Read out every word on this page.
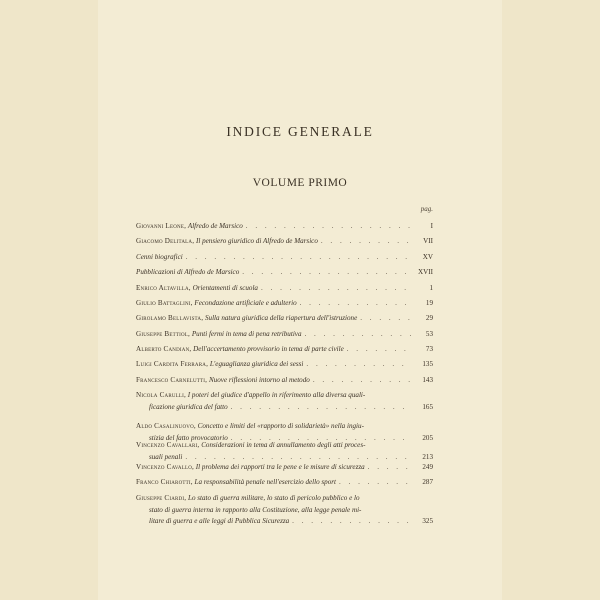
INDICE GENERALE
VOLUME PRIMO
pag.
Giovanni Leone, Alfredo de Marsico . . .	I
Giacomo Delitala, Il pensiero giuridico di Alfredo de Marsico . . .	VII
Cenni biografici . . .	XV
Pubblicazioni di Alfredo de Marsico . . .	XVII
Enrico Altavilla, Orientamenti di scuola . . .	1
Giulio Battaglini, Fecondazione artificiale e adulterio . . .	19
Girolamo Bellavista, Sulla natura giuridica della riapertura dell'istruzione . . .	29
Giuseppe Bettiol, Punti fermi in tema di pena retributiva . . .	53
Alberto Candian, Dell'accertamento provvisorio in tema di parte civile . . .	73
Luigi Cardita Ferrara, L'eguaglianza giuridica dei sessi . . .	135
Francesco Carnelutti, Nuove riflessioni intorno al metodo . . .	143
Nicola Carulli, I poteri del giudice d'appello in riferimento alla diversa quali-
ficazione giuridica del fatto . . .	165
Aldo Casalinuovo, Concetto e limiti del «rapporto di solidarietà» nella ingiu-
stizia del fatto provocatorio . . .	205
Vincenzo Cavallari, Considerazioni in tema di annullamento degli atti proces-
suali penali . . .	213
Vincenzo Cavallo, Il problema dei rapporti tra le pene e le misure di sicurezza . . .	249
Franco Chiarotti, La responsabilità penale nell'esercizio dello sport . . .	287
Giuseppe Ciardi, Lo stato di guerra militare, lo stato di pericolo pubblico e lo
stato di guerra interna in rapporto alla Costituzione, alla legge penale mi-
litare di guerra e alle leggi di Pubblica Sicurezza . . .	325
